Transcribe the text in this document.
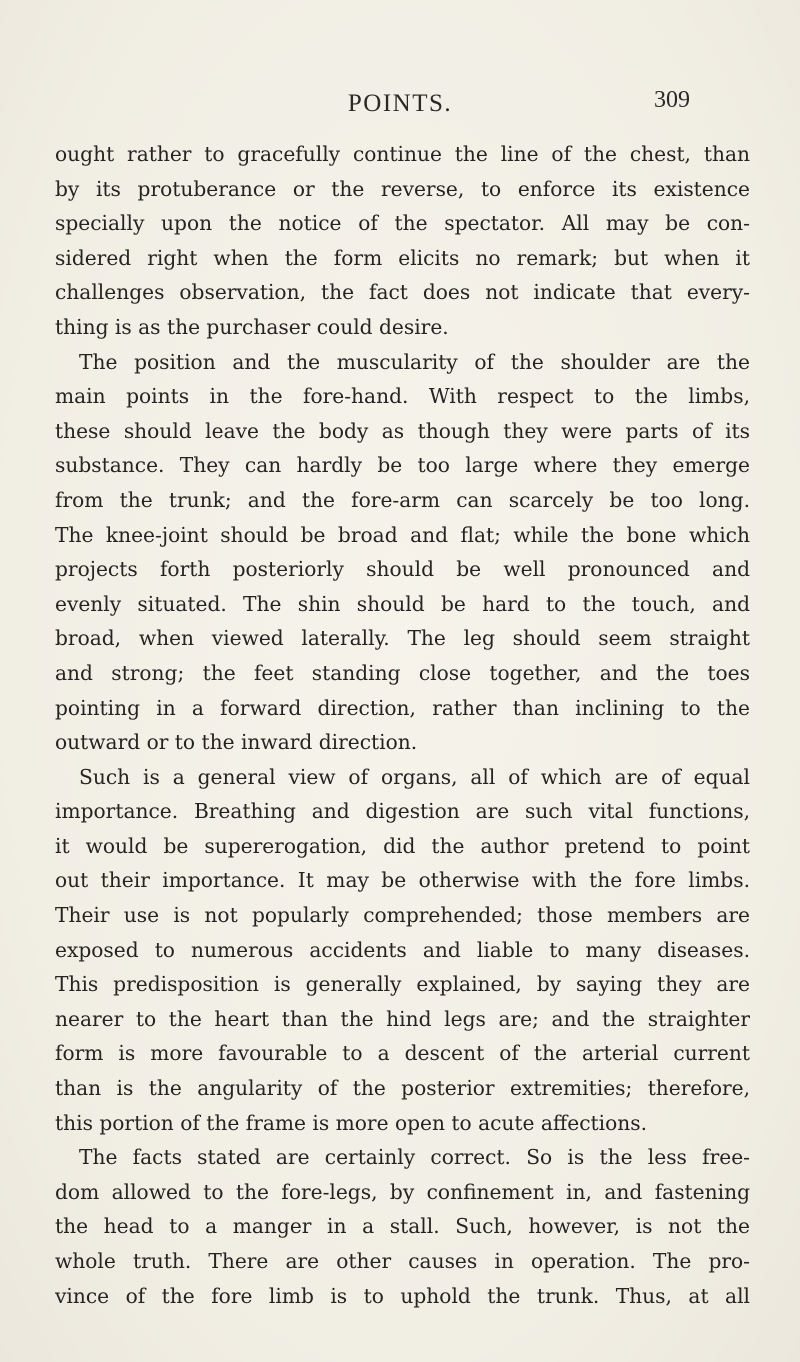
POINTS.	309
ought rather to gracefully continue the line of the chest, than
by its protuberance or the reverse, to enforce its existence
specially upon the notice of the spectator. All may be con-
sidered right when the form elicits no remark; but when it
challenges observation, the fact does not indicate that every-
thing is as the purchaser could desire.
The position and the muscularity of the shoulder are the
main points in the fore-hand. With respect to the limbs,
these should leave the body as though they were parts of its
substance. They can hardly be too large where they emerge
from the trunk; and the fore-arm can scarcely be too long.
The knee-joint should be broad and flat; while the bone which
projects forth posteriorly should be well pronounced and
evenly situated. The shin should be hard to the touch, and
broad, when viewed laterally. The leg should seem straight
and strong; the feet standing close together, and the toes
pointing in a forward direction, rather than inclining to the
outward or to the inward direction.
Such is a general view of organs, all of which are of equal
importance. Breathing and digestion are such vital functions,
it would be supererogation, did the author pretend to point
out their importance. It may be otherwise with the fore limbs.
Their use is not popularly comprehended; those members are
exposed to numerous accidents and liable to many diseases.
This predisposition is generally explained, by saying they are
nearer to the heart than the hind legs are; and the straighter
form is more favourable to a descent of the arterial current
than is the angularity of the posterior extremities; therefore,
this portion of the frame is more open to acute affections.
The facts stated are certainly correct. So is the less free-
dom allowed to the fore-legs, by confinement in, and fastening
the head to a manger in a stall. Such, however, is not the
whole truth. There are other causes in operation. The pro-
vince of the fore limb is to uphold the trunk. Thus, at all
